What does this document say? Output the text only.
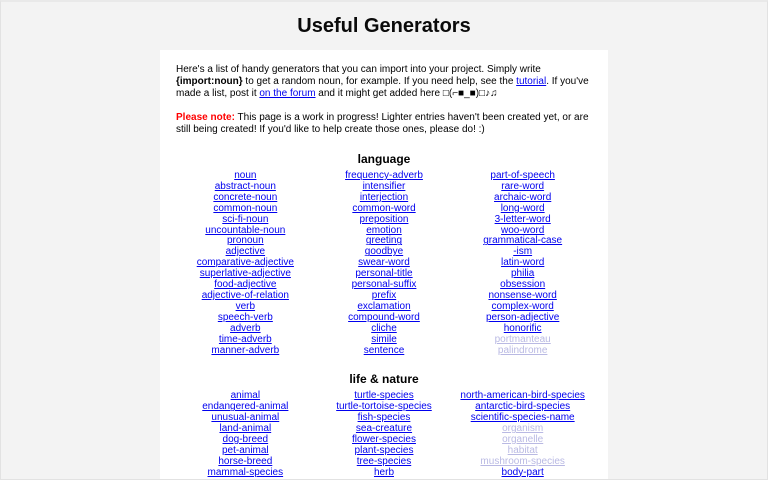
Useful Generators

Here's a list of handy generators that you can import into your project. Simply write {import:noun} to get a random noun, for example. If you need help, see the tutorial. If you've made a list, post it on the forum and it might get added here □(⌐■_■)□♪♫

Please note: This page is a work in progress! Lighter entries haven't been created yet, or are still being created! If you'd like to help create those ones, please do! :)

language
noun
abstract-noun
concrete-noun
common-noun
sci-fi-noun
uncountable-noun
pronoun
adjective
comparative-adjective
superlative-adjective
food-adjective
adjective-of-relation
verb
speech-verb
adverb
time-adverb
manner-adverb
frequency-adverb
intensifier
interjection
common-word
preposition
emotion
greeting
goodbye
swear-word
personal-title
personal-suffix
prefix
exclamation
compound-word
cliche
simile
sentence
part-of-speech
rare-word
archaic-word
long-word
3-letter-word
woo-word
grammatical-case
-ism
latin-word
philia
obsession
nonsense-word
complex-word
person-adjective
honorific
portmanteau
palindrome
life & nature
animal
endangered-animal
unusual-animal
land-animal
dog-breed
pet-animal
horse-breed
mammal-species
turtle-species
turtle-tortoise-species
fish-species
sea-creature
flower-species
plant-species
tree-species
herb
north-american-bird-species
antarctic-bird-species
scientific-species-name
organism
organelle
habitat
mushroom-species
body-part
